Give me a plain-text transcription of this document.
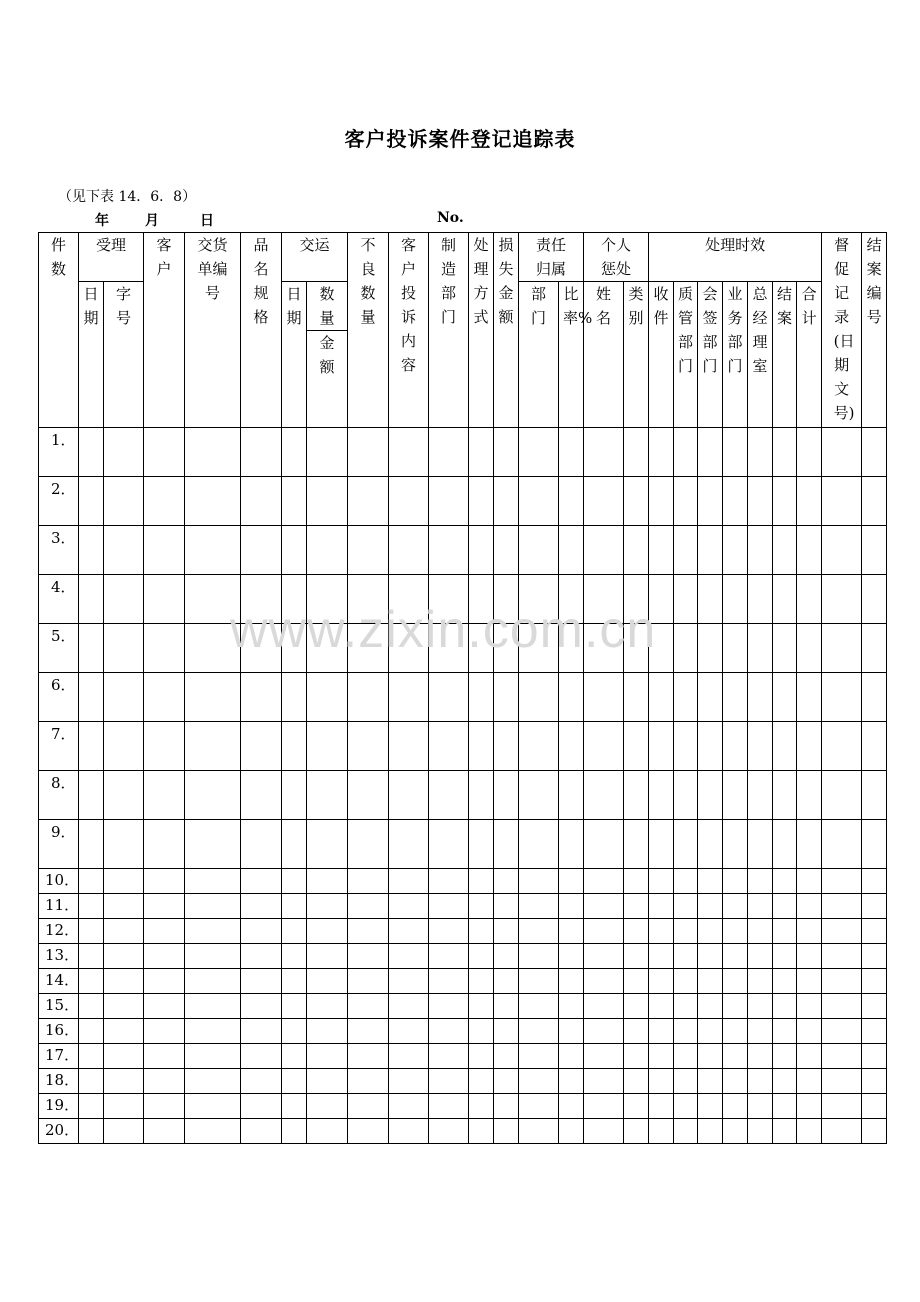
客户投诉案件登记追踪表
（见下表 14．6．8）
年	月	日	No.
件数	受理		客户	交货单编号	品名规格	交运		不良数量	客户投诉内容	制造部门	处理方式	损失金额	责任归属		个人惩处		处理时效							督促记录(日期文号)	结案编号

	日期	字号				日期	数量						部门	比率%	姓名	类别	收件	质管部门	会签部门	业务部门	总经理室	结案	合计		

							金额																		

1．																									
2．																									
3．																									
4．																									
5．																									
6．																									
7．																									
8．																									
9．																									
10．																									
11．																									
12．																									
13．																									
14．																									
15．																									
16．																									
17．																									
18．																									
19．																									
20．																									
www.zixin.com.cn
